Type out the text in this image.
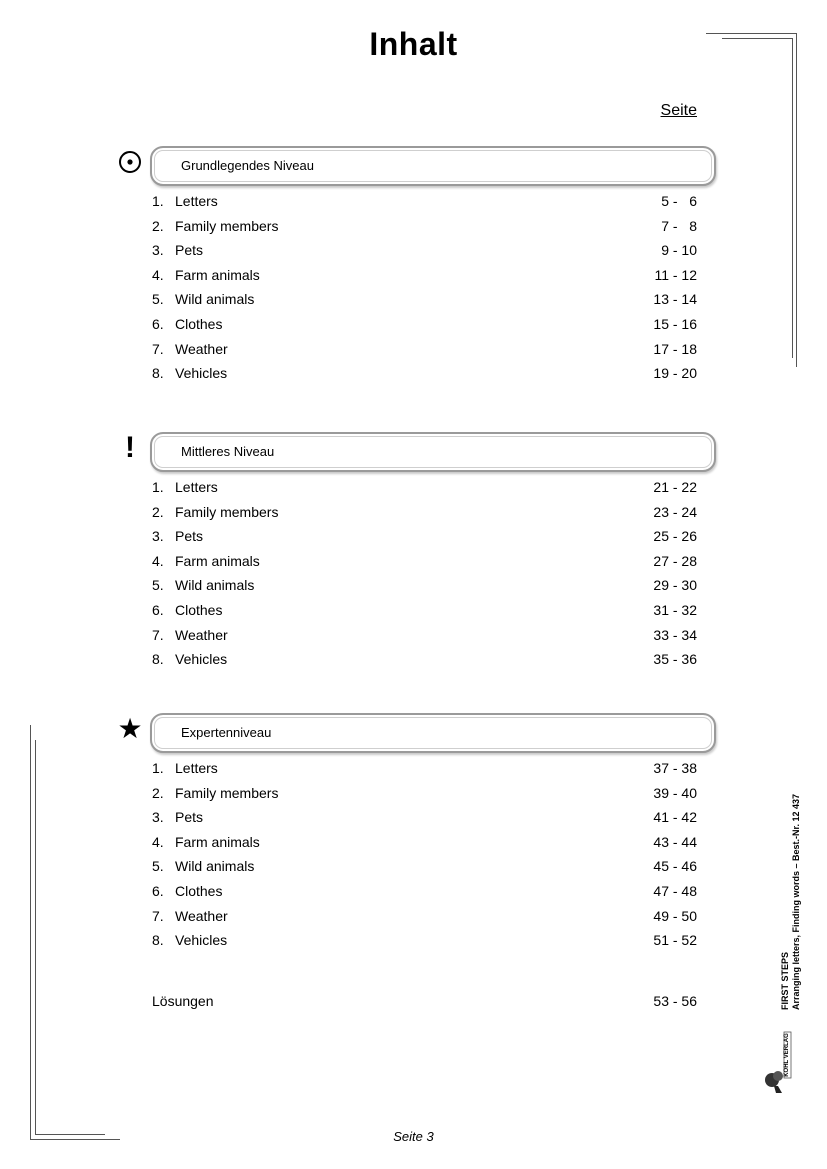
Inhalt
Seite
Grundlegendes Niveau
1. Letters	5 -   6
2. Family members	7 -   8
3. Pets	9 - 10
4. Farm animals	11 - 12
5. Wild animals	13 - 14
6. Clothes	15 - 16
7. Weather	17 - 18
8. Vehicles	19 - 20
!	Mittleres Niveau
1. Letters	21 - 22
2. Family members	23 - 24
3. Pets	25 - 26
4. Farm animals	27 - 28
5. Wild animals	29 - 30
6. Clothes	31 - 32
7. Weather	33 - 34
8. Vehicles	35 - 36
★	Expertenniveau
1. Letters	37 - 38
2. Family members	39 - 40
3. Pets	41 - 42
4. Farm animals	43 - 44
5. Wild animals	45 - 46
6. Clothes	47 - 48
7. Weather	49 - 50
8. Vehicles	51 - 52
Lösungen	53 - 56	FIRST STEPS Arranging letters, Finding words – Best.-Nr. 12 437
KOHL VERLAG
Seite 3
